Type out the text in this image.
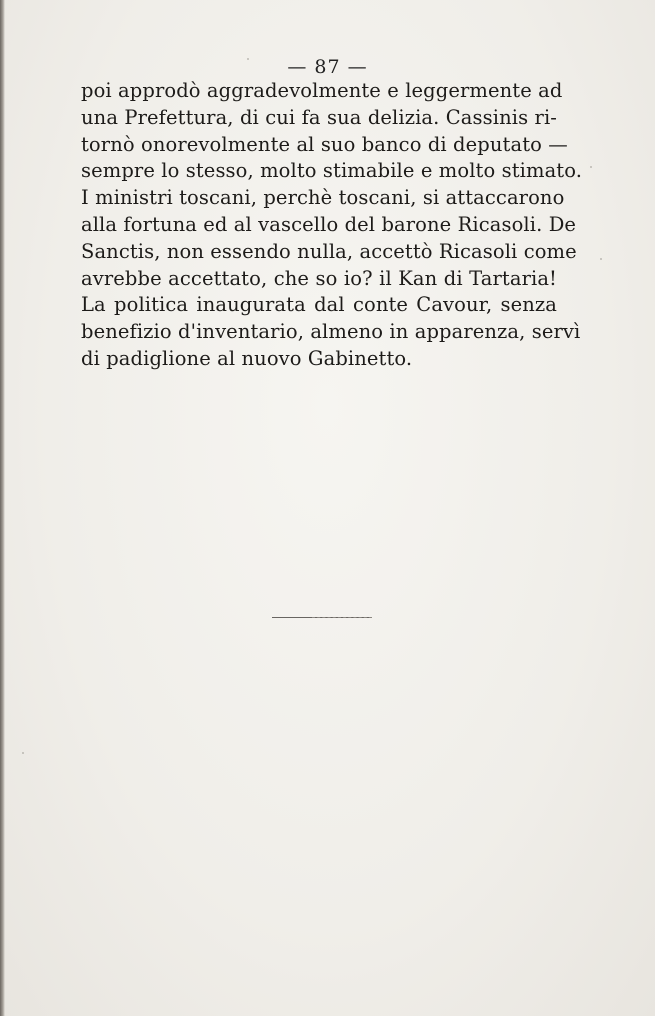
— 87 —
poi approdò aggradevolmente e leggermente ad
una Prefettura, di cui fa sua delizia. Cassinis ri-
tornò onorevolmente al suo banco di deputato —
sempre lo stesso, molto stimabile e molto stimato.
I ministri toscani, perchè toscani, si attaccarono
alla fortuna ed al vascello del barone Ricasoli. De
Sanctis, non essendo nulla, accettò Ricasoli come
avrebbe accettato, che so io? il Kan di Tartaria!
La politica inaugurata dal conte Cavour, senza
benefizio d'inventario, almeno in apparenza, servì
di padiglione al nuovo Gabinetto.
